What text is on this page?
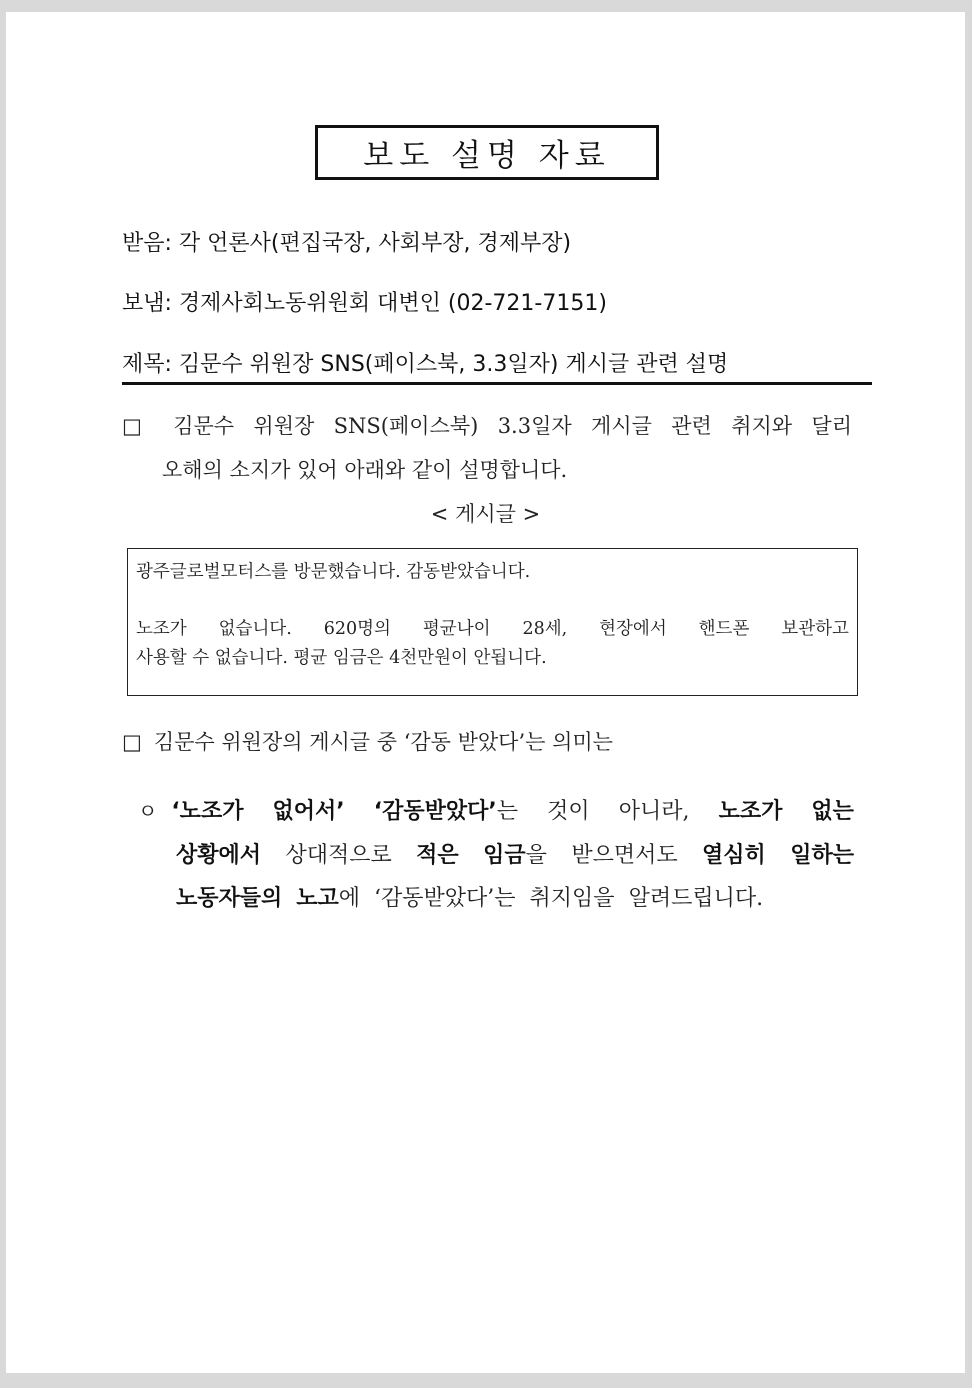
보도 설명 자료
받음: 각 언론사(편집국장, 사회부장, 경제부장)
보냄: 경제사회노동위원회 대변인 (02-721-7151)
제목: 김문수 위원장 SNS(페이스북, 3.3일자) 게시글 관련 설명
□ 김문수 위원장 SNS(페이스북) 3.3일자 게시글 관련 취지와 달리
오해의 소지가 있어 아래와 같이 설명합니다.
< 게시글 >
광주글로벌모터스를 방문했습니다. 감동받았습니다.
노조가 없습니다. 620명의 평균나이 28세, 현장에서 핸드폰 보관하고
사용할 수 없습니다. 평균 임금은 4천만원이 안됩니다.
□ 김문수 위원장의 게시글 중 ‘감동 받았다’는 의미는
ㅇ ‘노조가 없어서’ ‘감동받았다’는 것이 아니라, 노조가 없는
상황에서 상대적으로 적은 임금을 받으면서도 열심히 일하는
노동자들의 노고에 ‘감동받았다’는 취지임을 알려드립니다.
